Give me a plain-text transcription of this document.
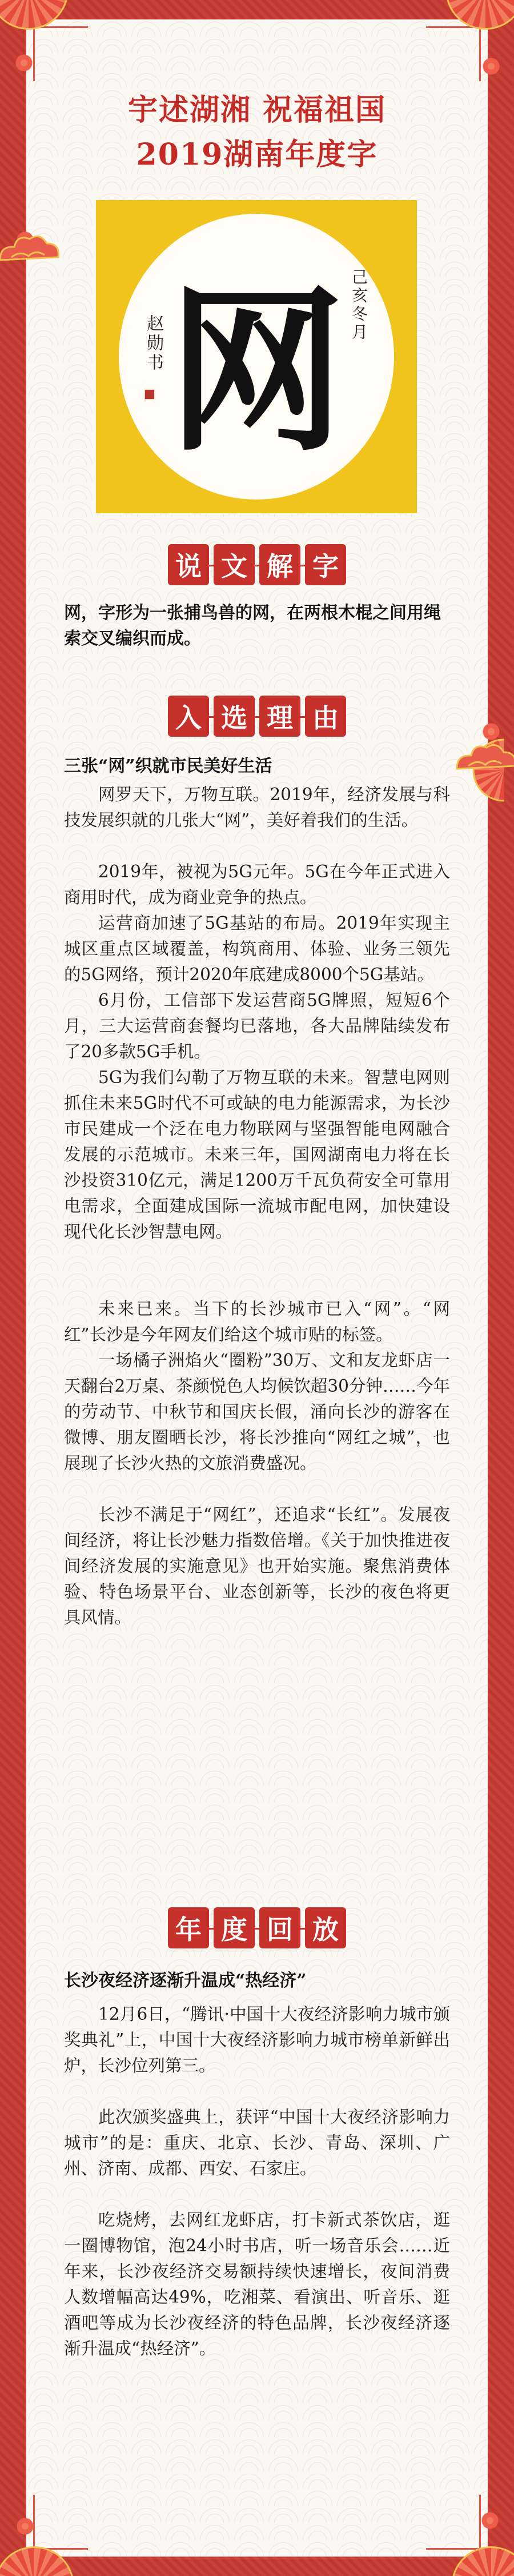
宇述湖湘 祝福祖国
2019湖南年度字
网 己亥冬月
赵勋书
说 文 解 字
网，字形为一张捕鸟兽的网，在两根木棍之间用绳索交叉编织而成。
入 选 理 由
三张“网”织就市民美好生活
网罗天下，万物互联。2019年，经济发展与科技发展织就的几张大“网”，美好着我们的生活。
2019年，被视为5G元年。5G在今年正式进入商用时代，成为商业竞争的热点。
运营商加速了5G基站的布局。2019年实现主城区重点区域覆盖，构筑商用、体验、业务三领先的5G网络，预计2020年底建成8000个5G基站。
6月份，工信部下发运营商5G牌照，短短6个月，三大运营商套餐均已落地，各大品牌陆续发布了20多款5G手机。
5G为我们勾勒了万物互联的未来。智慧电网则抓住未来5G时代不可或缺的电力能源需求，为长沙市民建成一个泛在电力物联网与坚强智能电网融合发展的示范城市。未来三年，国网湖南电力将在长沙投资310亿元，满足1200万千瓦负荷安全可靠用电需求，全面建成国际一流城市配电网，加快建设现代化长沙智慧电网。
未来已来。当下的长沙城市已入“网”。“网红”长沙是今年网友们给这个城市贴的标签。
一场橘子洲焰火“圈粉”30万、文和友龙虾店一天翻台2万桌、茶颜悦色人均候饮超30分钟……今年的劳动节、中秋节和国庆长假，涌向长沙的游客在微博、朋友圈晒长沙，将长沙推向“网红之城”，也展现了长沙火热的文旅消费盛况。
长沙不满足于“网红”，还追求“长红”。发展夜间经济，将让长沙魅力指数倍增。《关于加快推进夜间经济发展的实施意见》也开始实施。聚焦消费体验、特色场景平台、业态创新等，长沙的夜色将更具风情。
年 度 回 放
长沙夜经济逐渐升温成“热经济”
12月6日，“腾讯·中国十大夜经济影响力城市颁奖典礼”上，中国十大夜经济影响力城市榜单新鲜出炉，长沙位列第三。
此次颁奖盛典上，获评“中国十大夜经济影响力城市”的是：重庆、北京、长沙、青岛、深圳、广州、济南、成都、西安、石家庄。
吃烧烤，去网红龙虾店，打卡新式茶饮店，逛一圈博物馆，泡24小时书店，听一场音乐会……近年来，长沙夜经济交易额持续快速增长，夜间消费人数增幅高达49%，吃湘菜、看演出、听音乐、逛酒吧等成为长沙夜经济的特色品牌，长沙夜经济逐渐升温成“热经济”。
